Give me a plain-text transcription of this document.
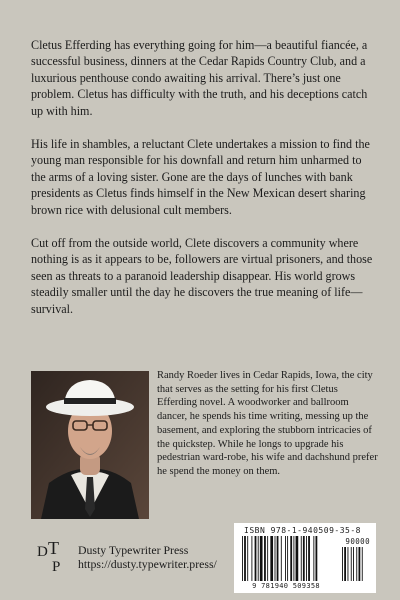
Cletus Efferding has everything going for him—a beautiful fiancée, a successful business, dinners at the Cedar Rapids Country Club, and a luxurious penthouse condo awaiting his arrival. There’s just one problem. Cletus has difficulty with the truth, and his deceptions catch up with him.

His life in shambles, a reluctant Clete undertakes a mission to find the young man responsible for his downfall and return him unharmed to the arms of a loving sister. Gone are the days of lunches with bank presidents as Cletus finds himself in the New Mexican desert sharing brown rice with delusional cult members.

Cut off from the outside world, Clete discovers a community where nothing is as it appears to be, followers are virtual prisoners, and those seen as threats to a paranoid leadership disappear. His world grows steadily smaller until the day he discovers the true meaning of life—survival.

Randy Roeder lives in Cedar Rapids, Iowa, the city that serves as the setting for his first Cletus Efferding novel. A woodworker and ballroom dancer, he spends his time writing, messing up the basement, and exploring the stubborn intricacies of the quickstep. While he longs to upgrade his pedestrian ward-robe, his wife and dachshund prefer he spend the money on them.
ISBN 978-1-940509-35-8
90000
9 781940 509358
D T
P
Dusty Typewriter Press
https://dusty.typewriter.press/
